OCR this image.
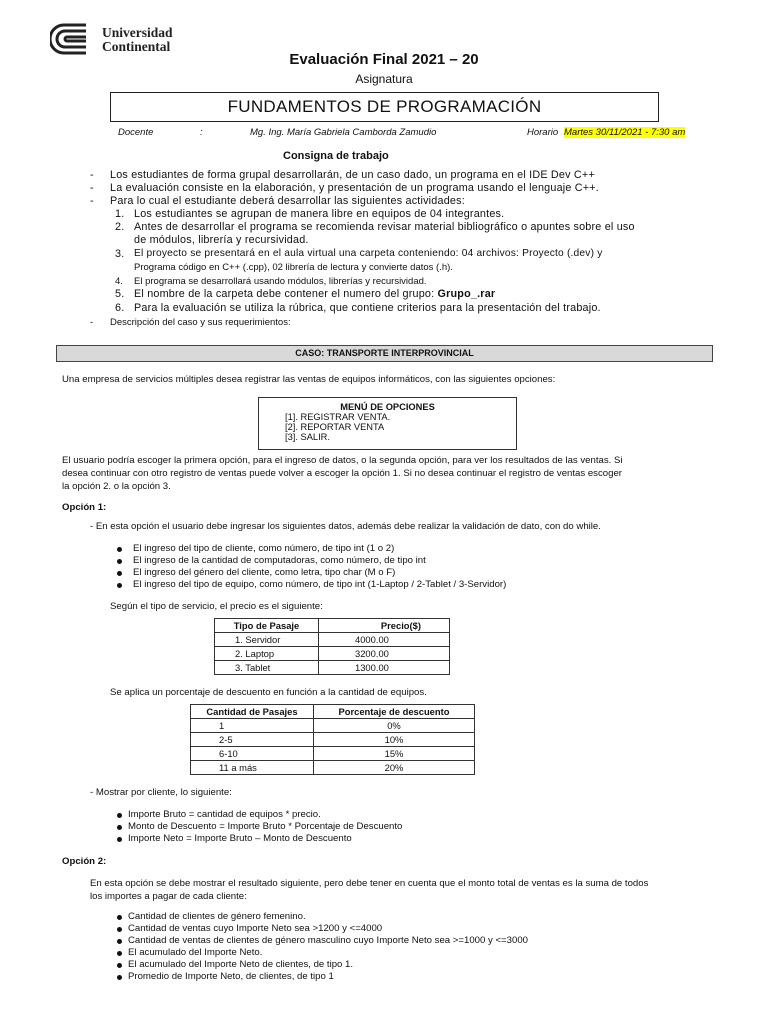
Universidad
Continental
Evaluación Final 2021 – 20
Asignatura
FUNDAMENTOS DE PROGRAMACIÓN
Docente	:	Mg. Ing. María Gabriela Camborda Zamudio	Horario Martes 30/11/2021 - 7:30 am
Consigna de trabajo
- Los estudiantes de forma grupal desarrollarán, de un caso dado, un programa en el IDE Dev C++
- La evaluación consiste en la elaboración, y presentación de un programa usando el lenguaje C++.
- Para lo cual el estudiante deberá desarrollar las siguientes actividades:
1. Los estudiantes se agrupan de manera libre en equipos de 04 integrantes.
2. Antes de desarrollar el programa se recomienda revisar material bibliográfico o apuntes sobre el uso
de módulos, librería y recursividad.
3. El proyecto se presentará en el aula virtual una carpeta conteniendo: 04 archivos: Proyecto (.dev) y
Programa código en C++ (.cpp), 02 librería de lectura y convierte datos (.h).
4. El programa se desarrollará usando módulos, librerías y recursividad.
5. El nombre de la carpeta debe contener el numero del grupo: Grupo_.rar
6. Para la evaluación se utiliza la rúbrica, que contiene criterios para la presentación del trabajo.
- Descripción del caso y sus requerimientos:
CASO: TRANSPORTE INTERPROVINCIAL
Una empresa de servicios múltiples desea registrar las ventas de equipos informáticos, con las siguientes opciones:
MENÚ DE OPCIONES
[1]. REGISTRAR VENTA.
[2]. REPORTAR VENTA
[3]. SALIR.
El usuario podría escoger la primera opción, para el ingreso de datos, o la segunda opción, para ver los resultados de las ventas. Si
desea continuar con otro registro de ventas puede volver a escoger la opción 1. Si no desea continuar el registro de ventas escoger
la opción 2. o la opción 3.
Opción 1:
- En esta opción el usuario debe ingresar los siguientes datos, además debe realizar la validación de dato, con do while.
El ingreso del tipo de cliente, como número, de tipo int (1 o 2)
El ingreso de la cantidad de computadoras, como número, de tipo int
El ingreso del género del cliente, como letra, tipo char (M o F)
El ingreso del tipo de equipo, como número, de tipo int (1-Laptop / 2-Tablet / 3-Servidor)
Según el tipo de servicio, el precio es el siguiente:
Tipo de Pasaje	Precio($)
1. Servidor	4000.00
2. Laptop	3200.00
3. Tablet	1300.00
Se aplica un porcentaje de descuento en función a la cantidad de equipos.
Cantidad de Pasajes	Porcentaje de descuento
1	0%
2-5	10%
6-10	15%
11 a más	20%
- Mostrar por cliente, lo siguiente:
Importe Bruto = cantidad de equipos * precio.
Monto de Descuento = Importe Bruto * Porcentaje de Descuento
Importe Neto = Importe Bruto – Monto de Descuento
Opción 2:
En esta opción se debe mostrar el resultado siguiente, pero debe tener en cuenta que el monto total de ventas es la suma de todos
los importes a pagar de cada cliente:
Cantidad de clientes de género femenino.
Cantidad de ventas cuyo Importe Neto sea >1200 y <=4000
Cantidad de ventas de clientes de género masculino cuyo Importe Neto sea >=1000 y <=3000
El acumulado del Importe Neto.
El acumulado del Importe Neto de clientes, de tipo 1.
Promedio de Importe Neto, de clientes, de tipo 1
